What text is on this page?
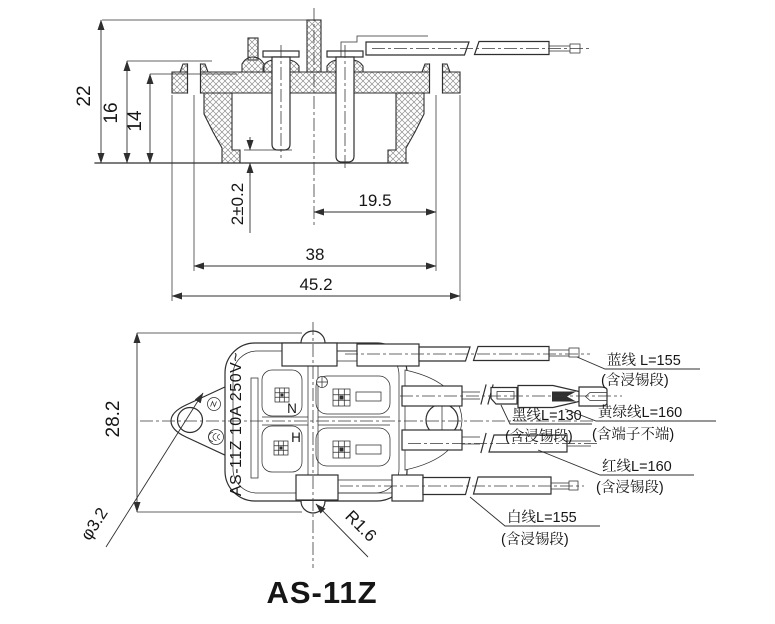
22
16 14
2±0.2	19.5
38
45.2
N
H
AS-11Z 10A 250V~	蓝线 L=155
(含浸锡段)
黑线L=130
(含浸锡段)
黄绿线L=160
(含端子不端)
红线L=160
(含浸锡段)
白线L=155
(含浸锡段)
28.2
φ3.2	R1.6
AS-11Z
